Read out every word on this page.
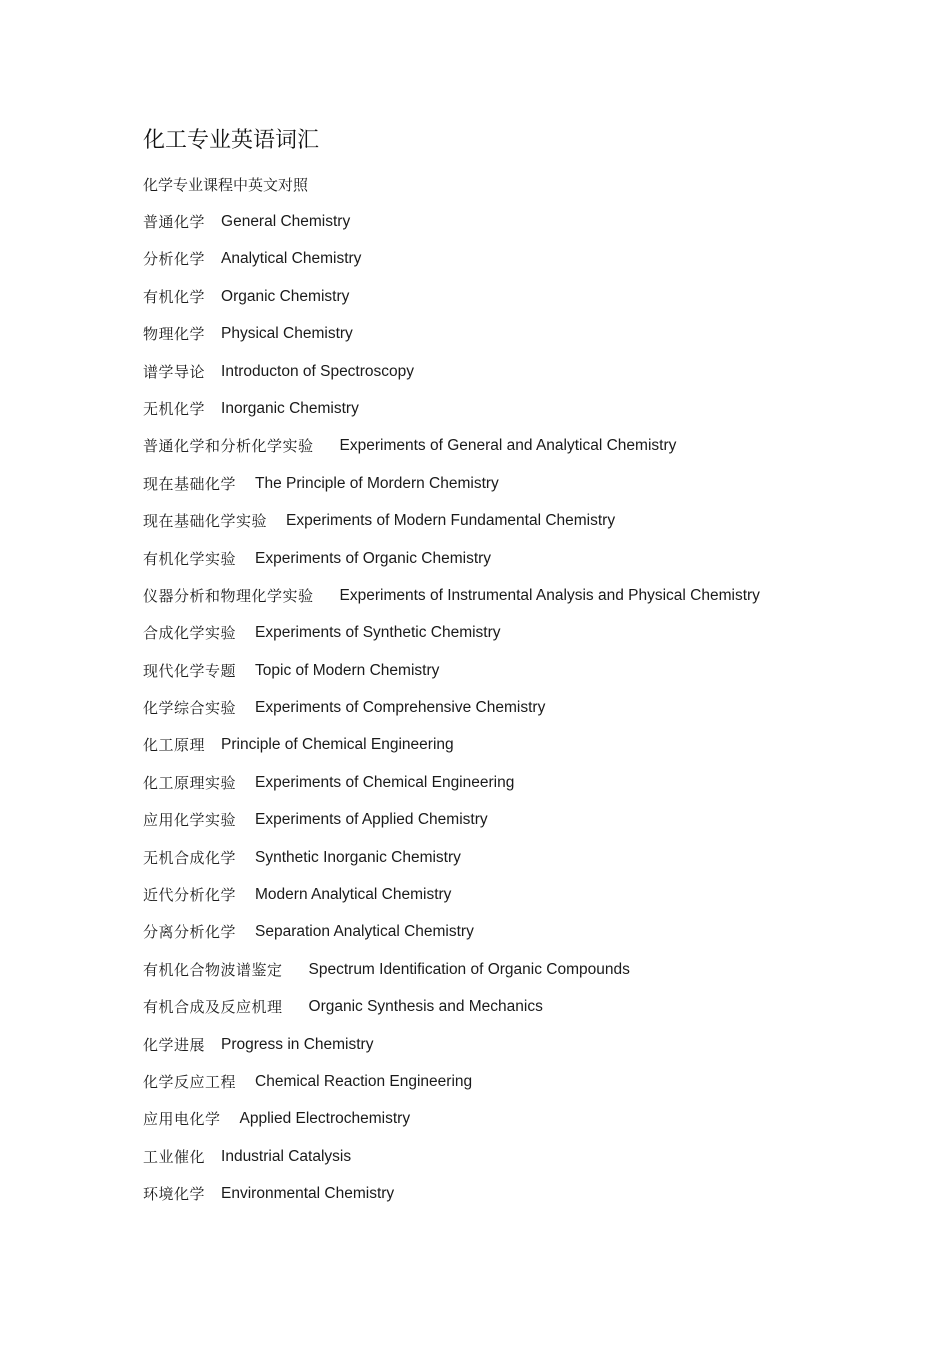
化工专业英语词汇
化学专业课程中英文对照
普通化学 General Chemistry
分析化学 Analytical Chemistry
有机化学 Organic Chemistry
物理化学 Physical Chemistry
谱学导论 Introducton of Spectroscopy
无机化学 Inorganic Chemistry
普通化学和分析化学实验 Experiments of General and Analytical Chemistry
现在基础化学 The Principle of Mordern Chemistry
现在基础化学实验 Experiments of Modern Fundamental Chemistry
有机化学实验 Experiments of Organic Chemistry
仪器分析和物理化学实验 Experiments of Instrumental Analysis and Physical Chemistry
合成化学实验 Experiments of Synthetic Chemistry
现代化学专题 Topic of Modern Chemistry
化学综合实验 Experiments of Comprehensive Chemistry
化工原理 Principle of Chemical Engineering
化工原理实验 Experiments of Chemical Engineering
应用化学实验 Experiments of Applied Chemistry
无机合成化学 Synthetic Inorganic Chemistry
近代分析化学 Modern Analytical Chemistry
分离分析化学 Separation Analytical Chemistry
有机化合物波谱鉴定 Spectrum Identification of Organic Compounds
有机合成及反应机理 Organic Synthesis and Mechanics
化学进展 Progress in Chemistry
化学反应工程 Chemical Reaction Engineering
应用电化学 Applied Electrochemistry
工业催化 Industrial Catalysis
环境化学 Environmental Chemistry
